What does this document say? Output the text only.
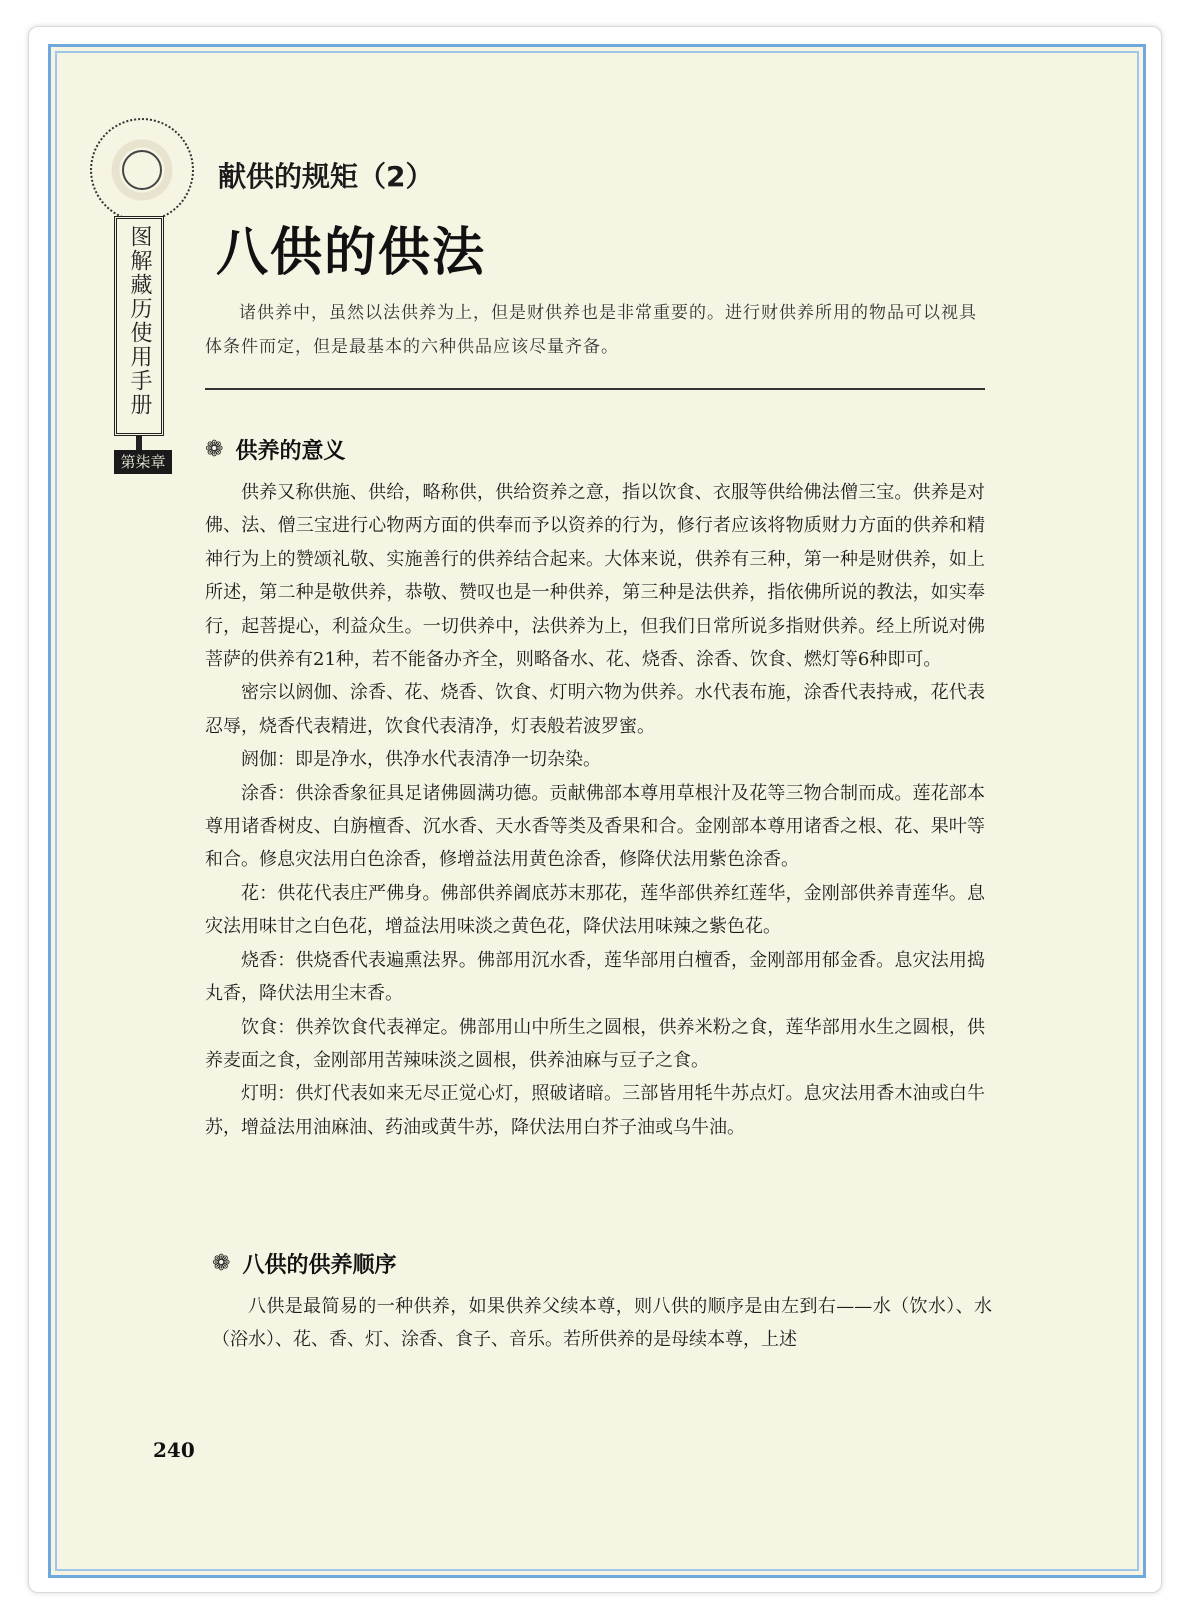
图解藏历使用手册
第柒章
献供的规矩（2）
八供的供法
诸供养中，虽然以法供养为上，但是财供养也是非常重要的。进行财供养所用的物品可以视具体条件而定，但是最基本的六种供品应该尽量齐备。
❁ 供养的意义

供养又称供施、供给，略称供，供给资养之意，指以饮食、衣服等供给佛法僧三宝。供养是对佛、法、僧三宝进行心物两方面的供奉而予以资养的行为，修行者应该将物质财力方面的供养和精神行为上的赞颂礼敬、实施善行的供养结合起来。大体来说，供养有三种，第一种是财供养，如上所述，第二种是敬供养，恭敬、赞叹也是一种供养，第三种是法供养，指依佛所说的教法，如实奉行，起菩提心，利益众生。一切供养中，法供养为上，但我们日常所说多指财供养。经上所说对佛菩萨的供养有21种，若不能备办齐全，则略备水、花、烧香、涂香、饮食、燃灯等6种即可。

密宗以阏伽、涂香、花、烧香、饮食、灯明六物为供养。水代表布施，涂香代表持戒，花代表忍辱，烧香代表精进，饮食代表清净，灯表般若波罗蜜。

阏伽：即是净水，供净水代表清净一切杂染。

涂香：供涂香象征具足诸佛圆满功德。贡献佛部本尊用草根汁及花等三物合制而成。莲花部本尊用诸香树皮、白旃檀香、沉水香、天水香等类及香果和合。金刚部本尊用诸香之根、花、果叶等和合。修息灾法用白色涂香，修增益法用黄色涂香，修降伏法用紫色涂香。

花：供花代表庄严佛身。佛部供养阇底苏末那花，莲华部供养红莲华，金刚部供养青莲华。息灾法用味甘之白色花，增益法用味淡之黄色花，降伏法用味辣之紫色花。

烧香：供烧香代表遍熏法界。佛部用沉水香，莲华部用白檀香，金刚部用郁金香。息灾法用捣丸香，降伏法用尘末香。

饮食：供养饮食代表禅定。佛部用山中所生之圆根，供养米粉之食，莲华部用水生之圆根，供养麦面之食，金刚部用苦辣味淡之圆根，供养油麻与豆子之食。

灯明：供灯代表如来无尽正觉心灯，照破诸暗。三部皆用牦牛苏点灯。息灾法用香木油或白牛苏，增益法用油麻油、药油或黄牛苏，降伏法用白芥子油或乌牛油。

❁ 八供的供养顺序

八供是最简易的一种供养，如果供养父续本尊，则八供的顺序是由左到右——水（饮水）、水（浴水）、花、香、灯、涂香、食子、音乐。若所供养的是母续本尊，上述

240
